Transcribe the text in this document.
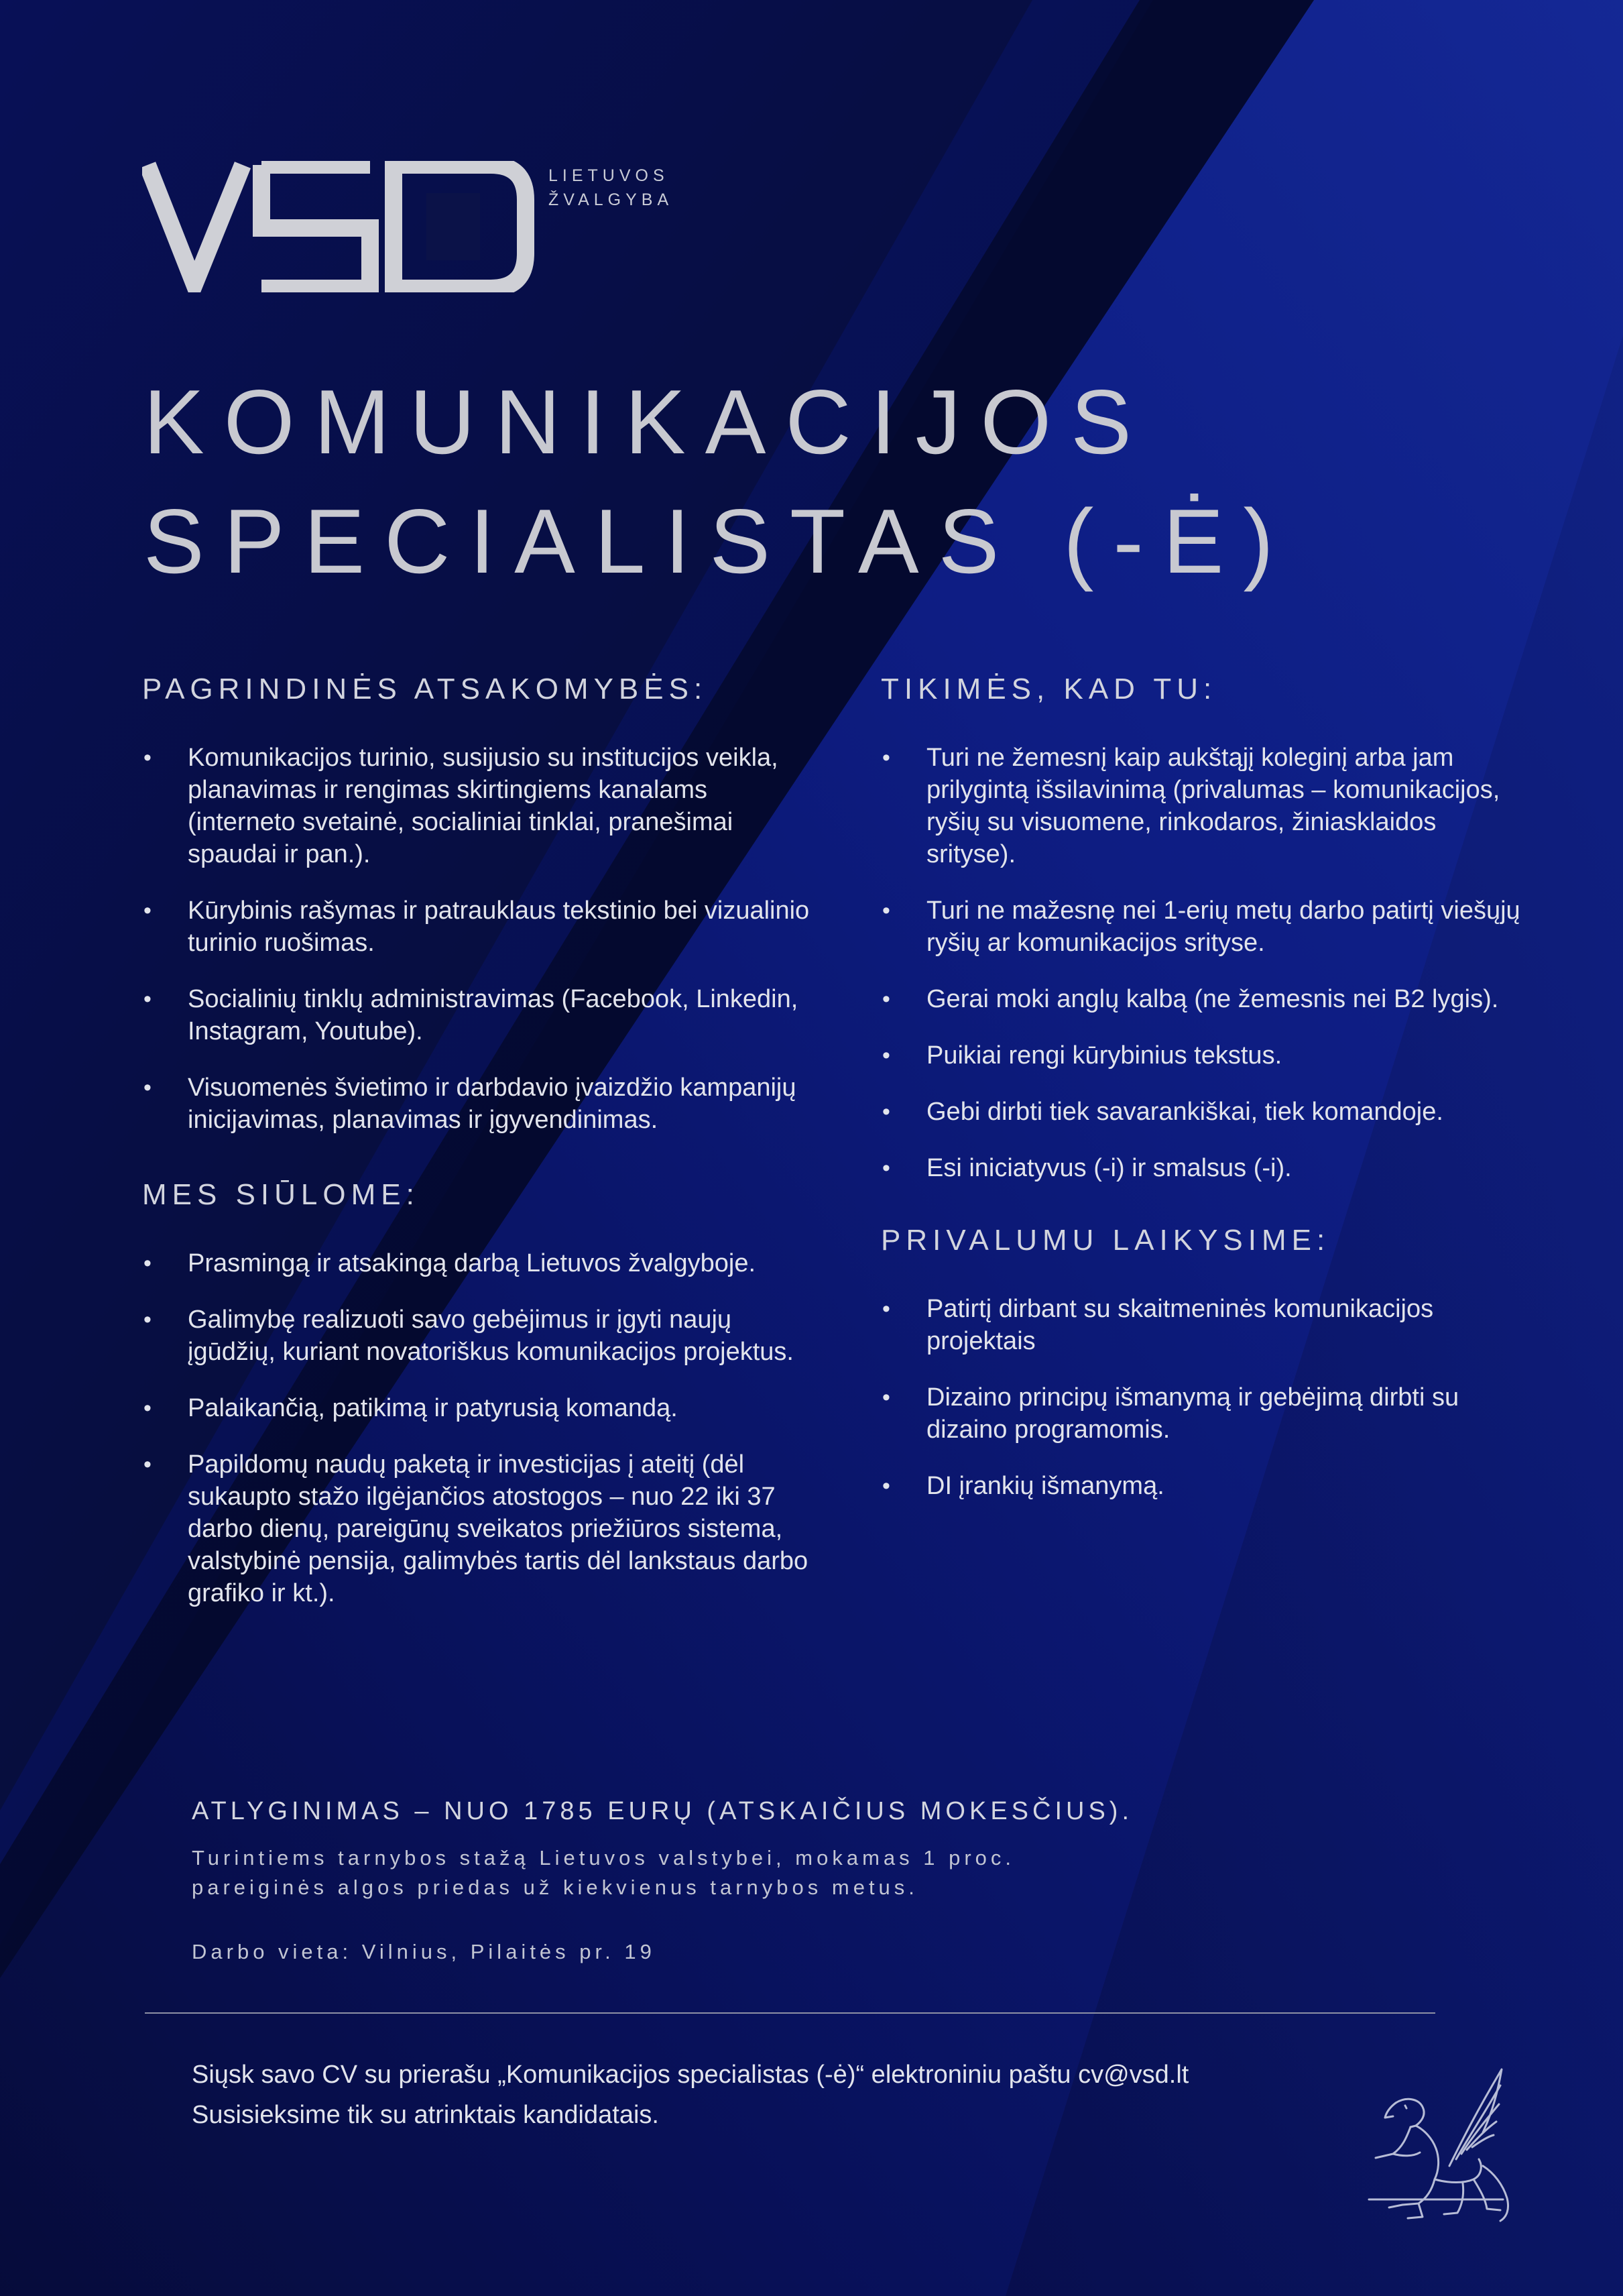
LIETUVOS
ŽVALGYBA
KOMUNIKACIJOS
SPECIALISTAS (-Ė)
PAGRINDINĖS ATSAKOMYBĖS:
• Komunikacijos turinio, susijusio su institucijos veikla, planavimas ir rengimas skirtingiems kanalams (interneto svetainė, socialiniai tinklai, pranešimai spaudai ir pan.).
• Kūrybinis rašymas ir patrauklaus tekstinio bei vizualinio turinio ruošimas.
• Socialinių tinklų administravimas (Facebook, Linkedin, Instagram, Youtube).
• Visuomenės švietimo ir darbdavio įvaizdžio kampanijų inicijavimas, planavimas ir įgyvendinimas.
MES SIŪLOME:
• Prasmingą ir atsakingą darbą Lietuvos žvalgyboje.
• Galimybę realizuoti savo gebėjimus ir įgyti naujų įgūdžių, kuriant novatoriškus komunikacijos projektus.
• Palaikančią, patikimą ir patyrusią komandą.
• Papildomų naudų paketą ir investicijas į ateitį (dėl sukaupto stažo ilgėjančios atostogos – nuo 22 iki 37 darbo dienų, pareigūnų sveikatos priežiūros sistema, valstybinė pensija, galimybės tartis dėl lankstaus darbo grafiko ir kt.).
TIKIMĖS, KAD TU:
• Turi ne žemesnį kaip aukštąjį koleginį arba jam prilygintą išsilavinimą (privalumas – komunikacijos, ryšių su visuomene, rinkodaros, žiniasklaidos srityse).
• Turi ne mažesnę nei 1-erių metų darbo patirtį viešųjų ryšių ar komunikacijos srityse.
• Gerai moki anglų kalbą (ne žemesnis nei B2 lygis).
• Puikiai rengi kūrybinius tekstus.
• Gebi dirbti tiek savarankiškai, tiek komandoje.
• Esi iniciatyvus (-i) ir smalsus (-i).
PRIVALUMU LAIKYSIME:
• Patirtį dirbant su skaitmeninės komunikacijos projektais
• Dizaino principų išmanymą ir gebėjimą dirbti su dizaino programomis.
• DI įrankių išmanymą.
ATLYGINIMAS – NUO 1785 EURŲ (ATSKAIČIUS MOKESČIUS).
Turintiems tarnybos stažą Lietuvos valstybei, mokamas 1 proc.
pareiginės algos priedas už kiekvienus tarnybos metus.
Darbo vieta: Vilnius, Pilaitės pr. 19
Siųsk savo CV su prierašu „Komunikacijos specialistas (-ė)“ elektroniniu paštu cv@vsd.lt
Susisieksime tik su atrinktais kandidatais.
